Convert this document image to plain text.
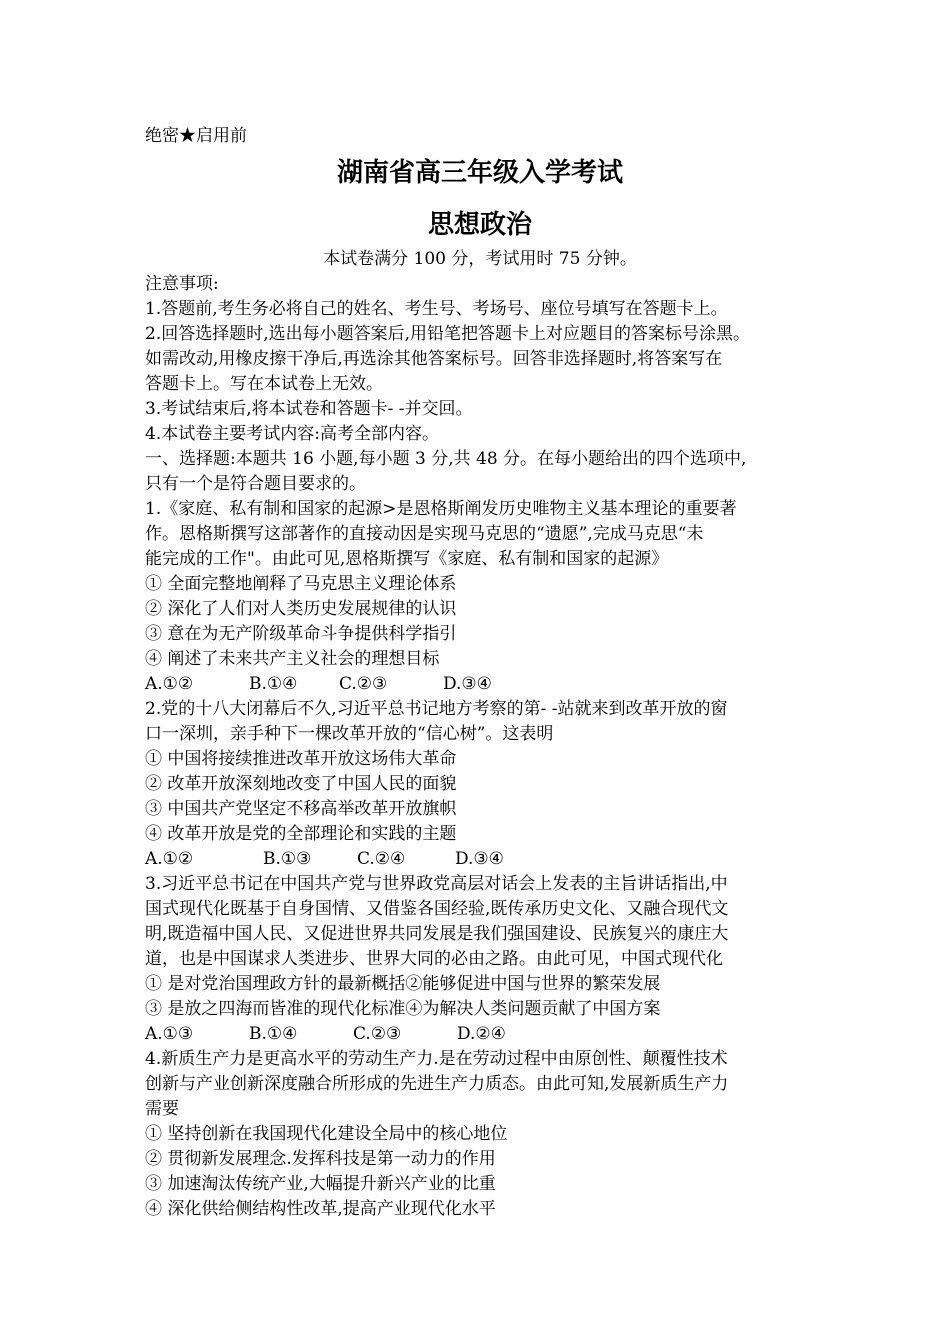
绝密★启用前
湖南省高三年级入学考试
思想政治
本试卷满分 100 分，考试用时 75 分钟。
注意事项:
1.答题前,考生务必将自己的姓名、考生号、考场号、座位号填写在答题卡上。
2.回答选择题时,选出每小题答案后,用铅笔把答题卡上对应题目的答案标号涂黑。
如需改动,用橡皮擦干净后,再选涂其他答案标号。回答非选择题时,将答案写在
答题卡上。写在本试卷上无效。
3.考试结束后,将本试卷和答题卡- -并交回。
4.本试卷主要考试内容:高考全部内容。
一、选择题:本题共 16 小题,每小题 3 分,共 48 分。在每小题给出的四个选项中,
只有一个是符合题目要求的。
1.《家庭、私有制和国家的起源>是恩格斯阐发历史唯物主义基本理论的重要著
作。恩格斯撰写这部著作的直接动因是实现马克思的“遗愿”,完成马克思“未
能完成的工作"。由此可见,恩格斯撰写《家庭、私有制和国家的起源》
① 全面完整地阐释了马克思主义理论体系
② 深化了人们对人类历史发展规律的认识
③ 意在为无产阶级革命斗争提供科学指引
④ 阐述了未来共产主义社会的理想目标
A.①②	B.①④	C.②③	D.③④
2.党的十八大闭幕后不久,习近平总书记地方考察的第- -站就来到改革开放的窗
口一深圳，亲手种下一棵改革开放的“信心树”。这表明
① 中国将接续推进改革开放这场伟大革命
② 改革开放深刻地改变了中国人民的面貌
③ 中国共产党坚定不移高举改革开放旗帜
④ 改革开放是党的全部理论和实践的主题
A.①②	B.①③	C.②④	D.③④
3.习近平总书记在中国共产党与世界政党高层对话会上发表的主旨讲话指出,中
国式现代化既基于自身国情、又借鉴各国经验,既传承历史文化、又融合现代文
明,既造福中国人民、又促进世界共同发展是我们强国建设、民族复兴的康庄大
道，也是中国谋求人类进步、世界大同的必由之路。由此可见，中国式现代化
① 是对党治国理政方针的最新概括②能够促进中国与世界的繁荣发展
③ 是放之四海而皆准的现代化标准④为解决人类问题贡献了中国方案
A.①③	B.①④	C.②③	D.②④
4.新质生产力是更高水平的劳动生产力.是在劳动过程中由原创性、颠覆性技术
创新与产业创新深度融合所形成的先进生产力质态。由此可知,发展新质生产力
需要
① 坚持创新在我国现代化建设全局中的核心地位
② 贯彻新发展理念.发挥科技是第一动力的作用
③ 加速淘汰传统产业,大幅提升新兴产业的比重
④ 深化供给侧结构性改革,提高产业现代化水平
